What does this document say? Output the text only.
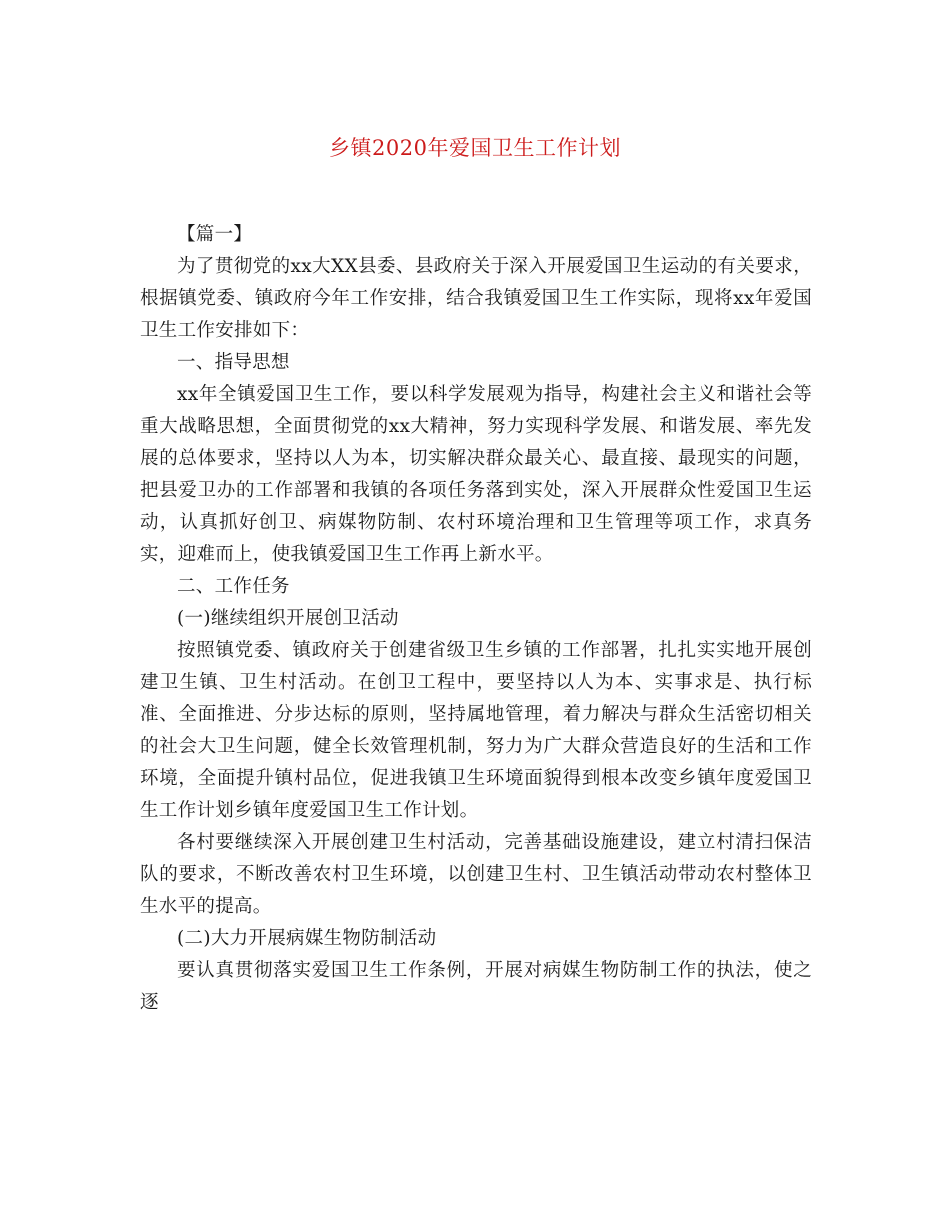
乡镇2020年爱国卫生工作计划

【篇一】

为了贯彻党的xx大XX县委、县政府关于深入开展爱国卫生运动的有关要求，根据镇党委、镇政府今年工作安排，结合我镇爱国卫生工作实际，现将xx年爱国卫生工作安排如下：

一、指导思想

xx年全镇爱国卫生工作，要以科学发展观为指导，构建社会主义和谐社会等重大战略思想，全面贯彻党的xx大精神，努力实现科学发展、和谐发展、率先发展的总体要求，坚持以人为本，切实解决群众最关心、最直接、最现实的问题，把县爱卫办的工作部署和我镇的各项任务落到实处，深入开展群众性爱国卫生运动，认真抓好创卫、病媒物防制、农村环境治理和卫生管理等项工作，求真务实，迎难而上，使我镇爱国卫生工作再上新水平。

二、工作任务

(一)继续组织开展创卫活动

按照镇党委、镇政府关于创建省级卫生乡镇的工作部署，扎扎实实地开展创建卫生镇、卫生村活动。在创卫工程中，要坚持以人为本、实事求是、执行标准、全面推进、分步达标的原则，坚持属地管理，着力解决与群众生活密切相关的社会大卫生问题，健全长效管理机制，努力为广大群众营造良好的生活和工作环境，全面提升镇村品位，促进我镇卫生环境面貌得到根本改变乡镇年度爱国卫生工作计划乡镇年度爱国卫生工作计划。

各村要继续深入开展创建卫生村活动，完善基础设施建设，建立村清扫保洁队的要求，不断改善农村卫生环境，以创建卫生村、卫生镇活动带动农村整体卫生水平的提高。

(二)大力开展病媒生物防制活动

要认真贯彻落实爱国卫生工作条例，开展对病媒生物防制工作的执法，使之逐
